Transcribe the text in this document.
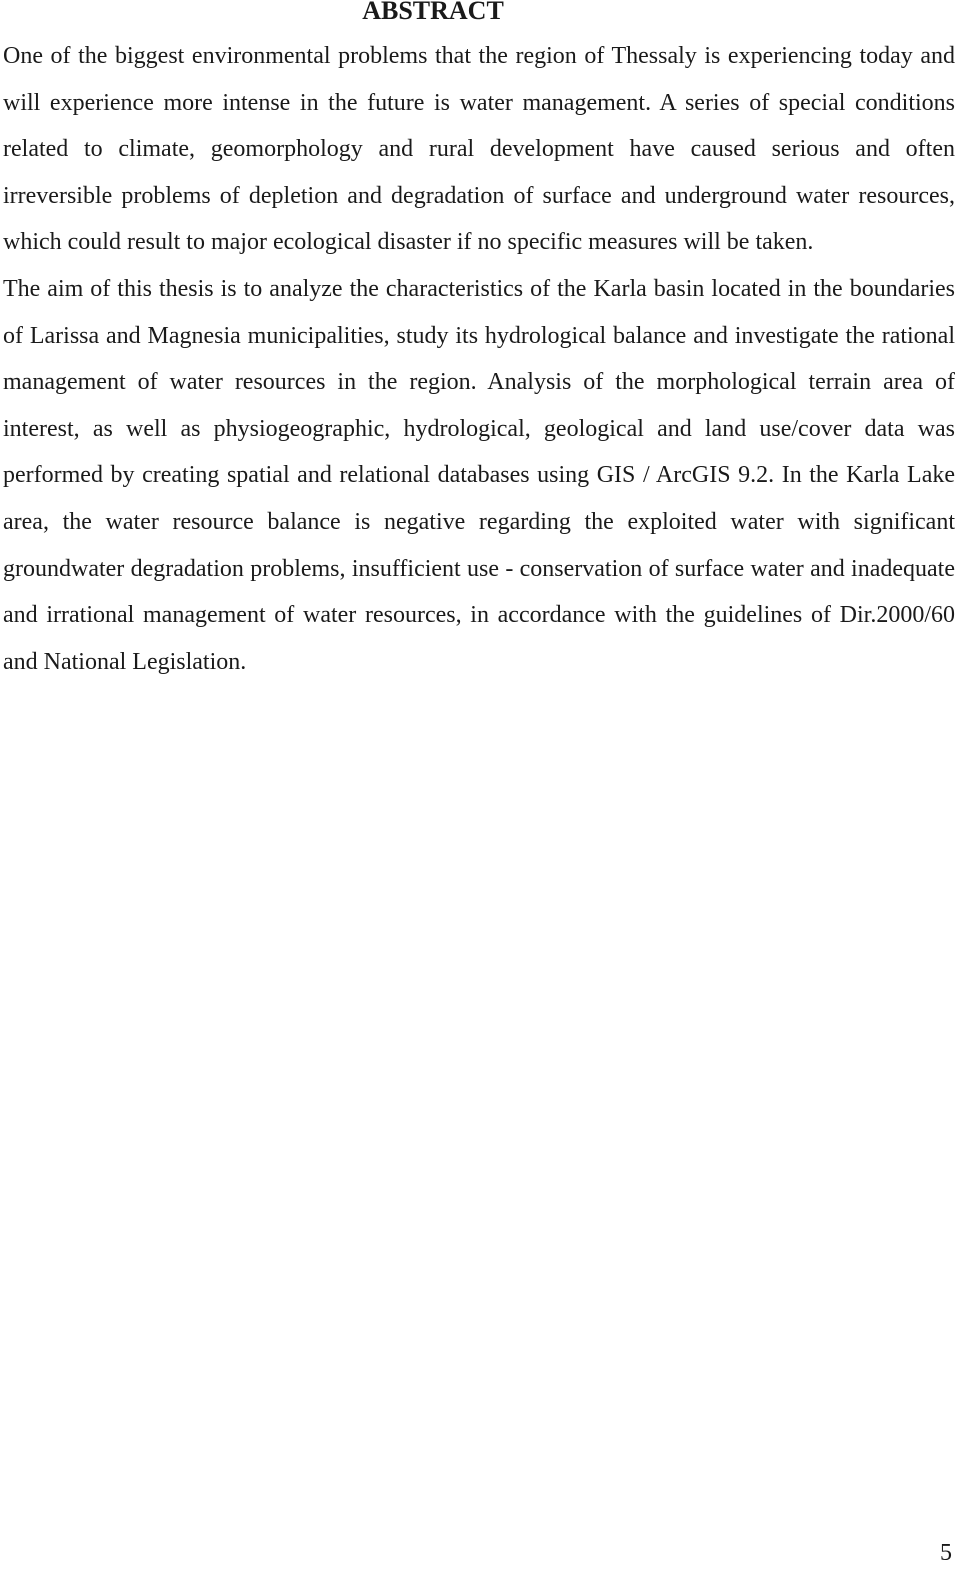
ABSTRACT

One of the biggest environmental problems that the region of Thessaly is experiencing today and will experience more intense in the future is water management. A series of special conditions related to climate, geomorphology and rural development have caused serious and often irreversible problems of depletion and degradation of surface and underground water resources, which could result to major ecological disaster if no specific measures will be taken.

The aim of this thesis is to analyze the characteristics of the Karla basin located in the boundaries of Larissa and Magnesia municipalities, study its hydrological balance and investigate the rational management of water resources in the region. Analysis of the morphological terrain area of interest, as well as physiogeographic, hydrological, geological and land use/cover data was performed by creating spatial and relational databases using GIS / ArcGIS 9.2. In the Karla Lake area, the water resource balance is negative regarding the exploited water with significant groundwater degradation problems, insufficient use - conservation of surface water and inadequate and irrational management of water resources, in accordance with the guidelines of Dir.2000/60 and National Legislation.

5
